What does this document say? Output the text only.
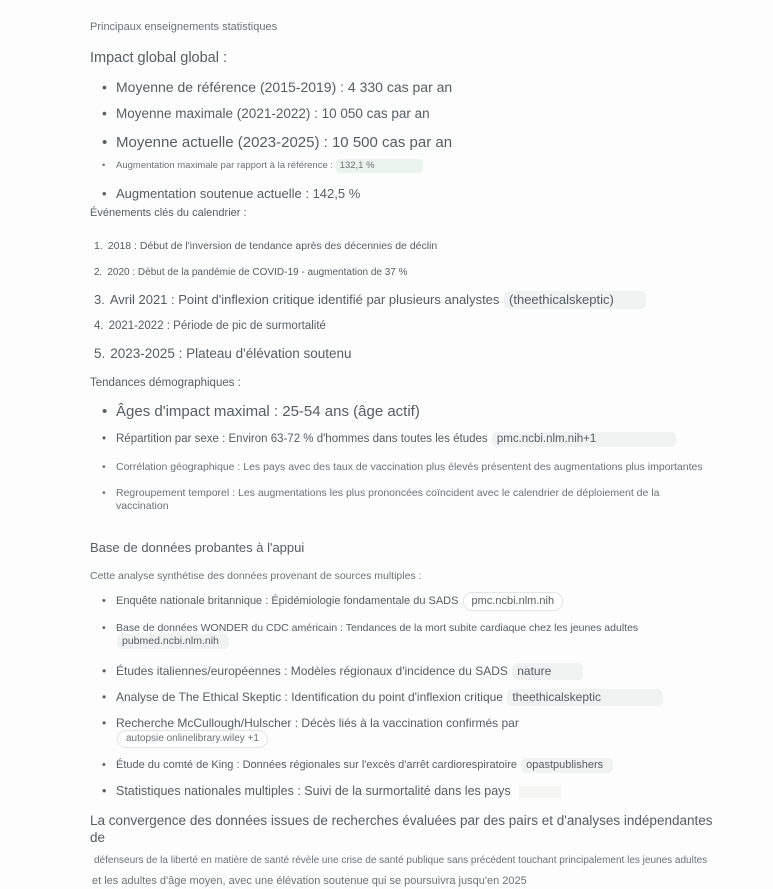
Principaux enseignements statistiques
Impact global global :
• Moyenne de référence (2015-2019) : 4 330 cas par an
• Moyenne maximale (2021-2022) : 10 050 cas par an
• Moyenne actuelle (2023-2025) : 10 500 cas par an
•	Augmentation maximale par rapport à la référence : 132,1 %
• Augmentation soutenue actuelle : 142,5 %
Événements clés du calendrier :
1. 2018 : Début de l'inversion de tendance après des décennies de déclin
2. 2020 : Début de la pandémie de COVID-19 - augmentation de 37 %
3. Avril 2021 : Point d'inflexion critique identifié par plusieurs analystes (theethicalskeptic)
4. 2021-2022 : Période de pic de surmortalité
5. 2023-2025 : Plateau d'élévation soutenu
Tendances démographiques :
• Âges d'impact maximal : 25-54 ans (âge actif)
• Répartition par sexe : Environ 63-72 % d'hommes dans toutes les études pmc.ncbi.nlm.nih+1
• Corrélation géographique : Les pays avec des taux de vaccination plus élevés présentent des augmentations plus importantes
• Regroupement temporel : Les augmentations les plus prononcées coïncident avec le calendrier de déploiement de la vaccination
Base de données probantes à l'appui
Cette analyse synthétise des données provenant de sources multiples :
• Enquête nationale britannique : Épidémiologie fondamentale du SADS pmc.ncbi.nlm.nih
• Base de données WONDER du CDC américain : Tendances de la mort subite cardiaque chez les jeunes adultes pubmed.ncbi.nlm.nih
• Études italiennes/européennes : Modèles régionaux d'incidence du SADS nature
• Analyse de The Ethical Skeptic : Identification du point d'inflexion critique theethicalskeptic
• Recherche McCullough/Hulscher : Décès liés à la vaccination confirmés par
autopsie onlinelibrary.wiley +1
• Étude du comté de King : Données régionales sur l'excès d'arrêt cardiorespiratoire opastpublishers
• Statistiques nationales multiples : Suivi de la surmortalité dans les pays
La convergence des données issues de recherches évaluées par des pairs et d'analyses indépendantes de
défenseurs de la liberté en matière de santé révèle une crise de santé publique sans précédent touchant principalement les jeunes adultes
et les adultes d'âge moyen, avec une élévation soutenue qui se poursuivra jusqu'en 2025
